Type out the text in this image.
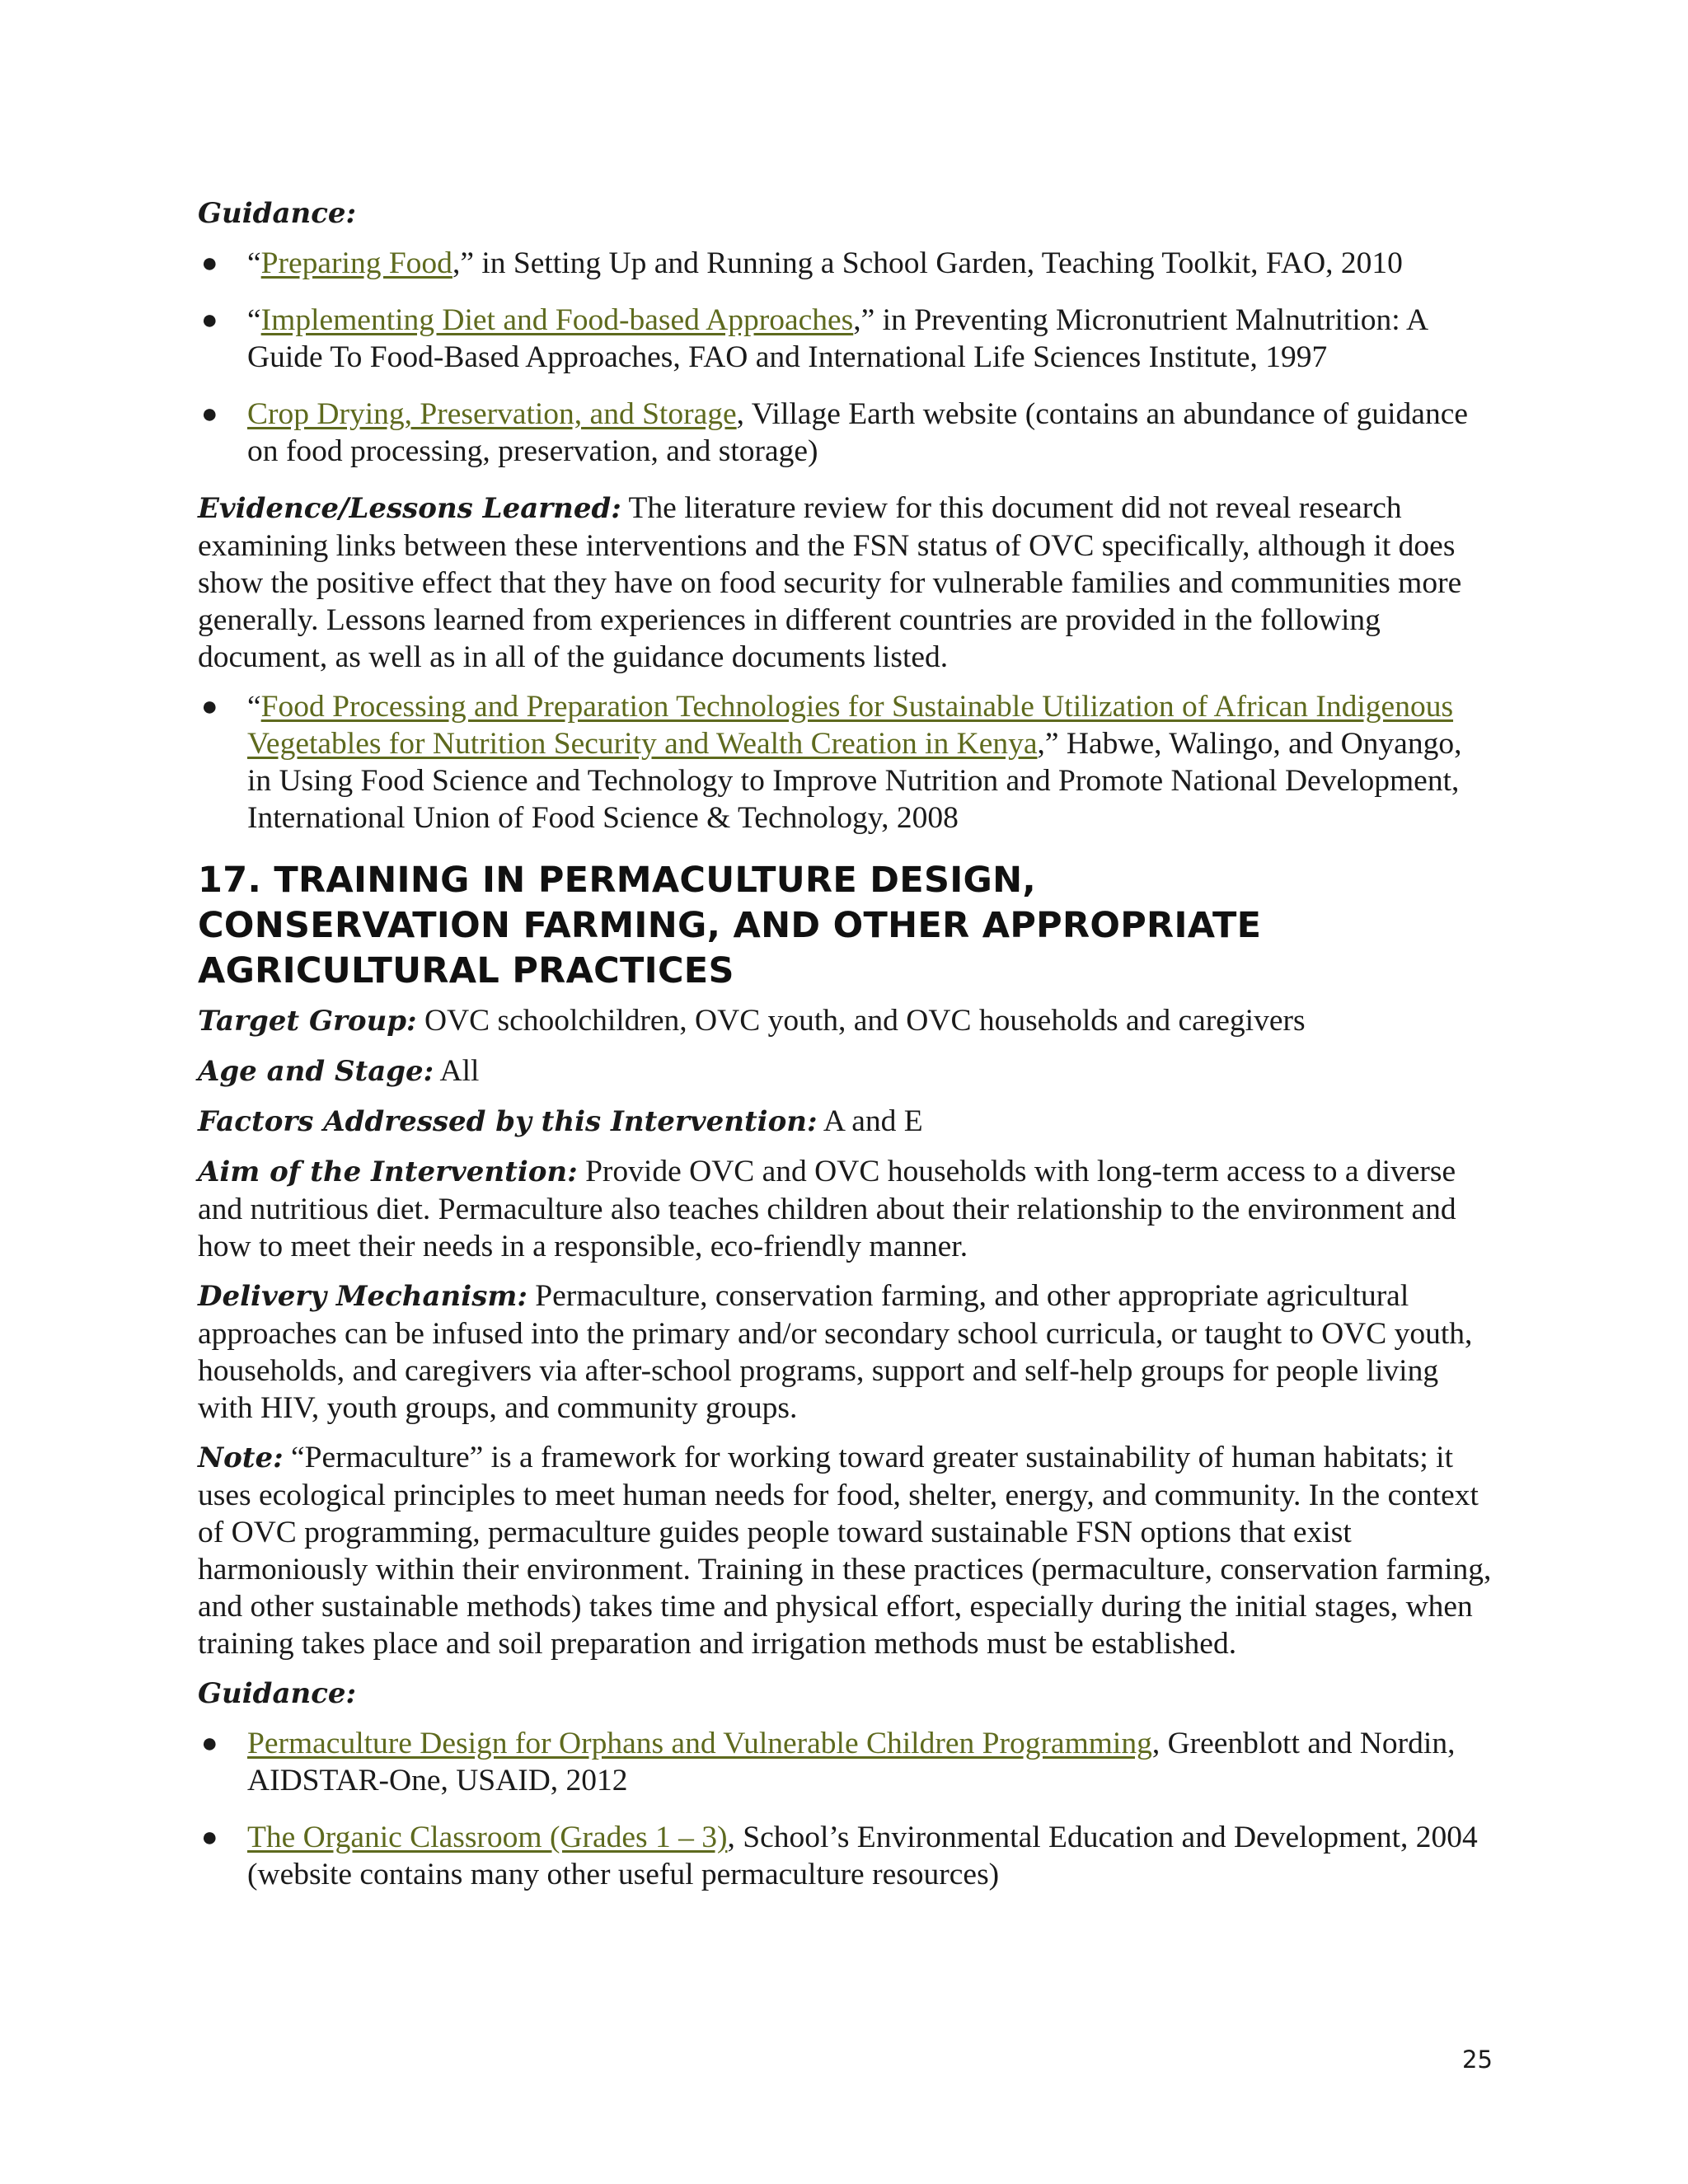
Guidance:

● “Preparing Food,” in Setting Up and Running a School Garden, Teaching Toolkit, FAO, 2010
● “Implementing Diet and Food-based Approaches,” in Preventing Micronutrient Malnutrition: A Guide To Food-Based Approaches, FAO and International Life Sciences Institute, 1997
● Crop Drying, Preservation, and Storage, Village Earth website (contains an abundance of guidance on food processing, preservation, and storage)

Evidence/Lessons Learned: The literature review for this document did not reveal research examining links between these interventions and the FSN status of OVC specifically, although it does show the positive effect that they have on food security for vulnerable families and communities more generally. Lessons learned from experiences in different countries are provided in the following document, as well as in all of the guidance documents listed.

● “Food Processing and Preparation Technologies for Sustainable Utilization of African Indigenous Vegetables for Nutrition Security and Wealth Creation in Kenya,” Habwe, Walingo, and Onyango, in Using Food Science and Technology to Improve Nutrition and Promote National Development, International Union of Food Science & Technology, 2008
17. TRAINING IN PERMACULTURE DESIGN,
CONSERVATION FARMING, AND OTHER APPROPRIATE
AGRICULTURAL PRACTICES

Target Group: OVC schoolchildren, OVC youth, and OVC households and caregivers

Age and Stage: All

Factors Addressed by this Intervention: A and E

Aim of the Intervention: Provide OVC and OVC households with long-term access to a diverse and nutritious diet. Permaculture also teaches children about their relationship to the environment and how to meet their needs in a responsible, eco-friendly manner.

Delivery Mechanism: Permaculture, conservation farming, and other appropriate agricultural approaches can be infused into the primary and/or secondary school curricula, or taught to OVC youth, households, and caregivers via after-school programs, support and self-help groups for people living with HIV, youth groups, and community groups.

Note: “Permaculture” is a framework for working toward greater sustainability of human habitats; it uses ecological principles to meet human needs for food, shelter, energy, and community. In the context of OVC programming, permaculture guides people toward sustainable FSN options that exist harmoniously within their environment. Training in these practices (permaculture, conservation farming, and other sustainable methods) takes time and physical effort, especially during the initial stages, when training takes place and soil preparation and irrigation methods must be established.

Guidance:

● Permaculture Design for Orphans and Vulnerable Children Programming, Greenblott and Nordin, AIDSTAR-One, USAID, 2012
● The Organic Classroom (Grades 1 – 3), School’s Environmental Education and Development, 2004 (website contains many other useful permaculture resources)
25
